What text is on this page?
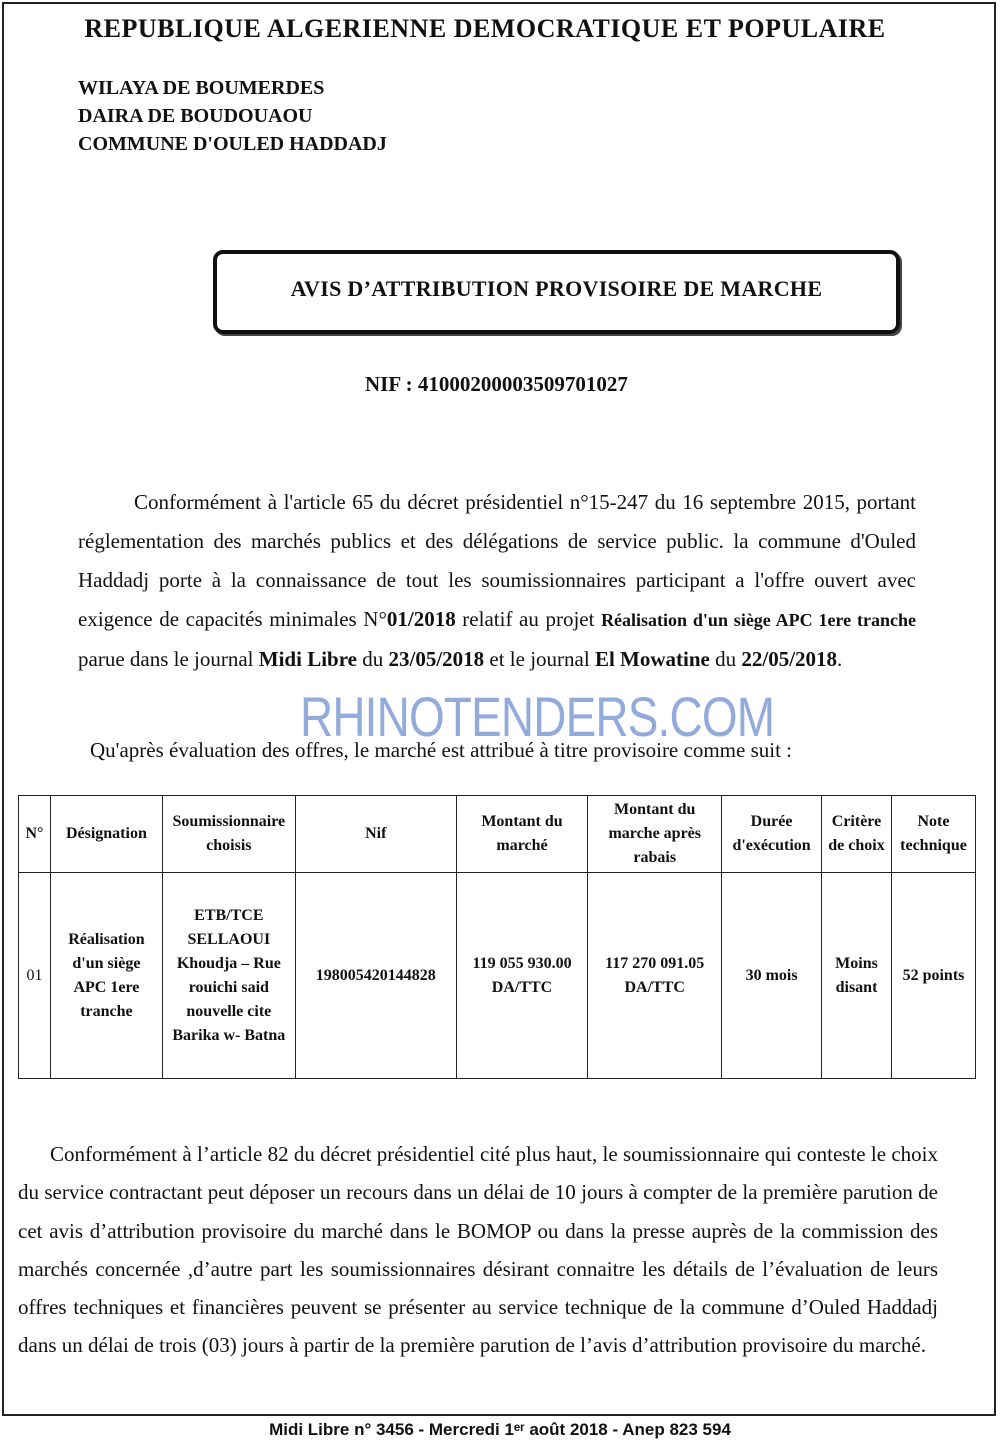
REPUBLIQUE ALGERIENNE DEMOCRATIQUE ET POPULAIRE
WILAYA DE BOUMERDES
DAIRA DE BOUDOUAOU
COMMUNE D'OULED HADDADJ
AVIS D’ATTRIBUTION PROVISOIRE DE MARCHE
NIF : 41000200003509701027
Conformément à l'article 65 du décret présidentiel n°15-247 du 16 septembre 2015, portant réglementation des marchés publics et des délégations de service public. la commune d'Ouled Haddadj porte à la connaissance de tout les soumissionnaires participant a l'offre ouvert avec exigence de capacités minimales N°01/2018 relatif au projet Réalisation d'un siège APC 1ere tranche parue dans le journal Midi Libre du 23/05/2018 et le journal El Mowatine du 22/05/2018.
RHINOTENDERS.COM
Qu'après évaluation des offres, le marché est attribué à titre provisoire comme suit :
N°	Désignation	Soumissionnaire choisis	Nif	Montant du marché	Montant du marche après rabais	Durée d'exécution	Critère de choix	Note technique
01	Réalisation d'un siège APC 1ere tranche	ETB/TCE SELLAOUI Khoudja – Rue rouichi said nouvelle cite Barika w- Batna	198005420144828	119 055 930.00 DA/TTC	117 270 091.05 DA/TTC	30 mois	Moins disant	52 points
Conformément à l’article 82 du décret présidentiel cité plus haut, le soumissionnaire qui conteste le choix du service contractant peut déposer un recours dans un délai de 10 jours à compter de la première parution de cet avis d’attribution provisoire du marché dans le BOMOP ou dans la presse auprès de la commission des marchés concernée ,d’autre part les soumissionnaires désirant connaitre les détails de l’évaluation de leurs offres techniques et financières peuvent se présenter au service technique de la commune d’Ouled Haddadj dans un délai de trois (03) jours à partir de la première parution de l’avis d’attribution provisoire du marché.
Midi Libre n° 3456 - Mercredi 1ᵉʳ août 2018 - Anep 823 594
